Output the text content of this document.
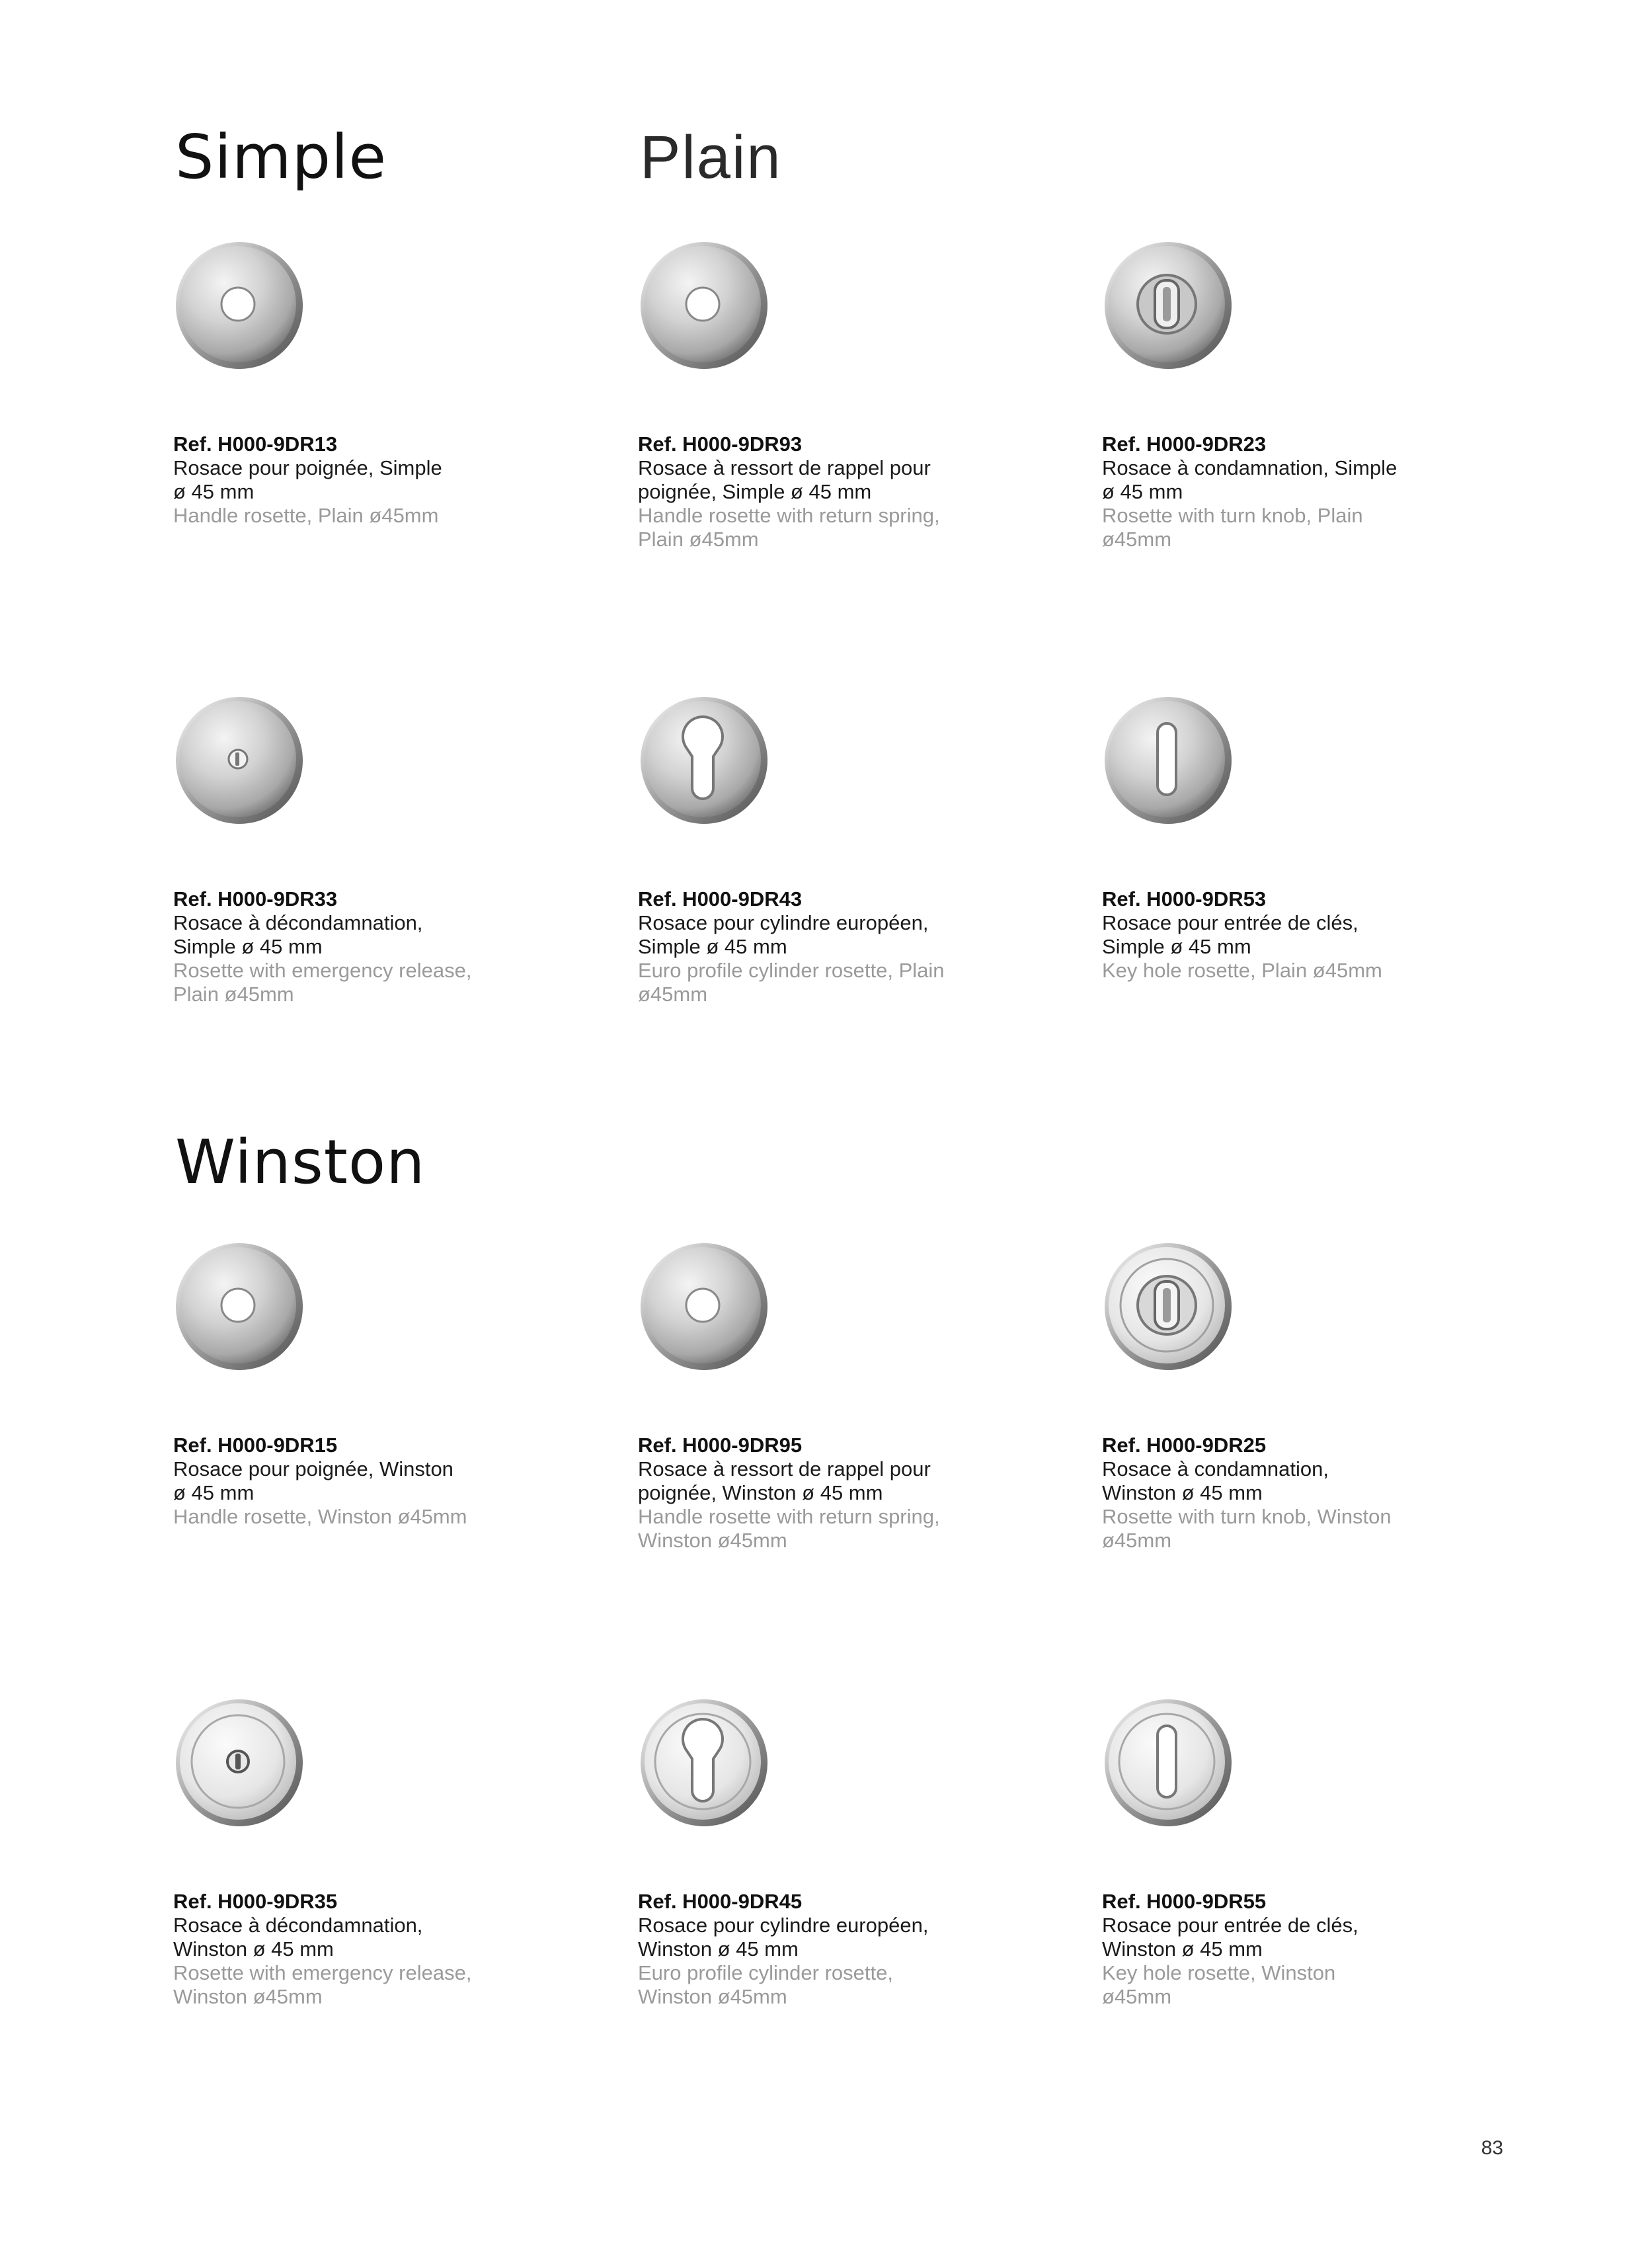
Simple	Plain
Winston
Ref. H000-9DR13
Rosace pour poignée, Simple
ø 45 mm
Handle rosette, Plain ø45mm
Ref. H000-9DR93
Rosace à ressort de rappel pour
poignée, Simple ø 45 mm
Handle rosette with return spring,
Plain ø45mm
Ref. H000-9DR23
Rosace à condamnation, Simple
ø 45 mm
Rosette with turn knob, Plain
ø45mm
Ref. H000-9DR33
Rosace à décondamnation,
Simple ø 45 mm
Rosette with emergency release,
Plain ø45mm
Ref. H000-9DR43
Rosace pour cylindre européen,
Simple ø 45 mm
Euro profile cylinder rosette, Plain
ø45mm
Ref. H000-9DR53
Rosace pour entrée de clés,
Simple ø 45 mm
Key hole rosette, Plain ø45mm
Ref. H000-9DR15
Rosace pour poignée, Winston
ø 45 mm
Handle rosette, Winston ø45mm
Ref. H000-9DR95
Rosace à ressort de rappel pour
poignée, Winston ø 45 mm
Handle rosette with return spring,
Winston ø45mm
Ref. H000-9DR25
Rosace à condamnation,
Winston ø 45 mm
Rosette with turn knob, Winston
ø45mm
Ref. H000-9DR35
Rosace à décondamnation,
Winston ø 45 mm
Rosette with emergency release,
Winston ø45mm
Ref. H000-9DR45
Rosace pour cylindre européen,
Winston ø 45 mm
Euro profile cylinder rosette,
Winston ø45mm
Ref. H000-9DR55
Rosace pour entrée de clés,
Winston ø 45 mm
Key hole rosette, Winston
ø45mm
83
